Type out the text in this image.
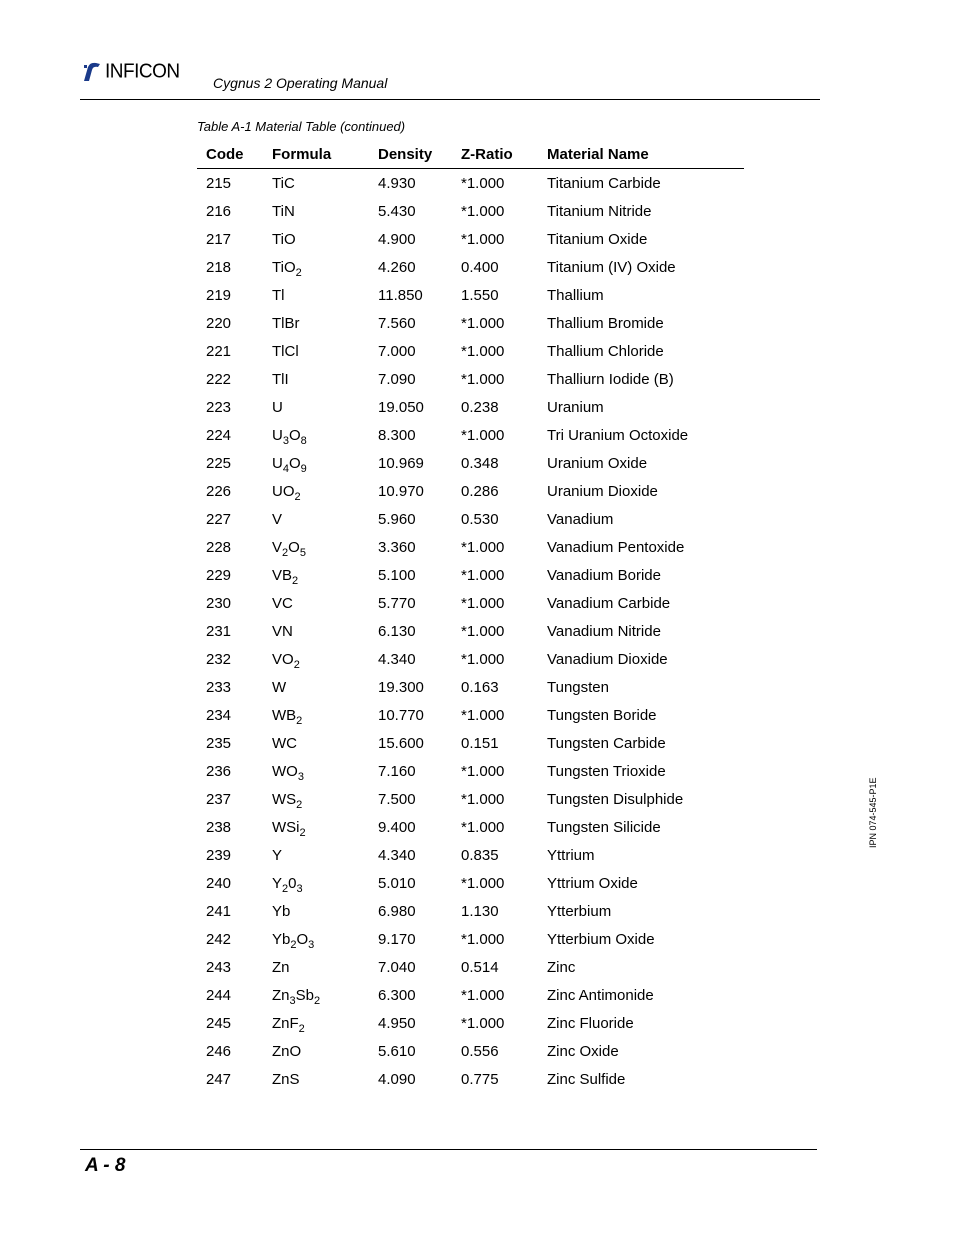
INFICON
Cygnus 2 Operating Manual
Table A-1 Material Table (continued)
Code	Formula	Density	Z-Ratio	Material Name
215	TiC	4.930	*1.000	Titanium Carbide
216	TiN	5.430	*1.000	Titanium Nitride
217	TiO	4.900	*1.000	Titanium Oxide
218	TiO$_2$	4.260	0.400	Titanium (IV) Oxide
219	Tl	11.850	1.550	Thallium
220	TlBr	7.560	*1.000	Thallium Bromide
221	TlCl	7.000	*1.000	Thallium Chloride
222	TlI	7.090	*1.000	Thalliurn Iodide (B)
223	U	19.050	0.238	Uranium
224	$U_3O_8$	8.300	*1.000	Tri Uranium Octoxide
225	$U_4O_9$	10.969	0.348	Uranium Oxide
226	$UO_2$	10.970	0.286	Uranium Dioxide
227	V	5.960	0.530	Vanadium
228	$V_2O_5$	3.360	*1.000	Vanadium Pentoxide
229	$VB_2$	5.100	*1.000	Vanadium Boride
230	VC	5.770	*1.000	Vanadium Carbide
231	VN	6.130	*1.000	Vanadium Nitride
232	$VO_2$	4.340	*1.000	Vanadium Dioxide
233	W	19.300	0.163	Tungsten
234	$WB_2$	10.770	*1.000	Tungsten Boride
235	WC	15.600	0.151	Tungsten Carbide
236	$WO_3$	7.160	*1.000	Tungsten Trioxide
237	$WS_2$	7.500	*1.000	Tungsten Disulphide
238	WSi$_2$	9.400	*1.000	Tungsten Silicide
239	Y	4.340	0.835	Yttrium
240	$Y_20_3$	5.010	*1.000	Yttrium Oxide
241	Yb	6.980	1.130	Ytterbium
242	$Yb_2O_3$	9.170	*1.000	Ytterbium Oxide
243	Zn	7.040	0.514	Zinc
244	$Zn_3Sb_2$	6.300	*1.000	Zinc Antimonide
245	ZnF$_2$	4.950	*1.000	Zinc Fluoride
246	ZnO	5.610	0.556	Zinc Oxide
247	ZnS	4.090	0.775	Zinc Sulfide
IPN 074-545-P1E
A - 8
